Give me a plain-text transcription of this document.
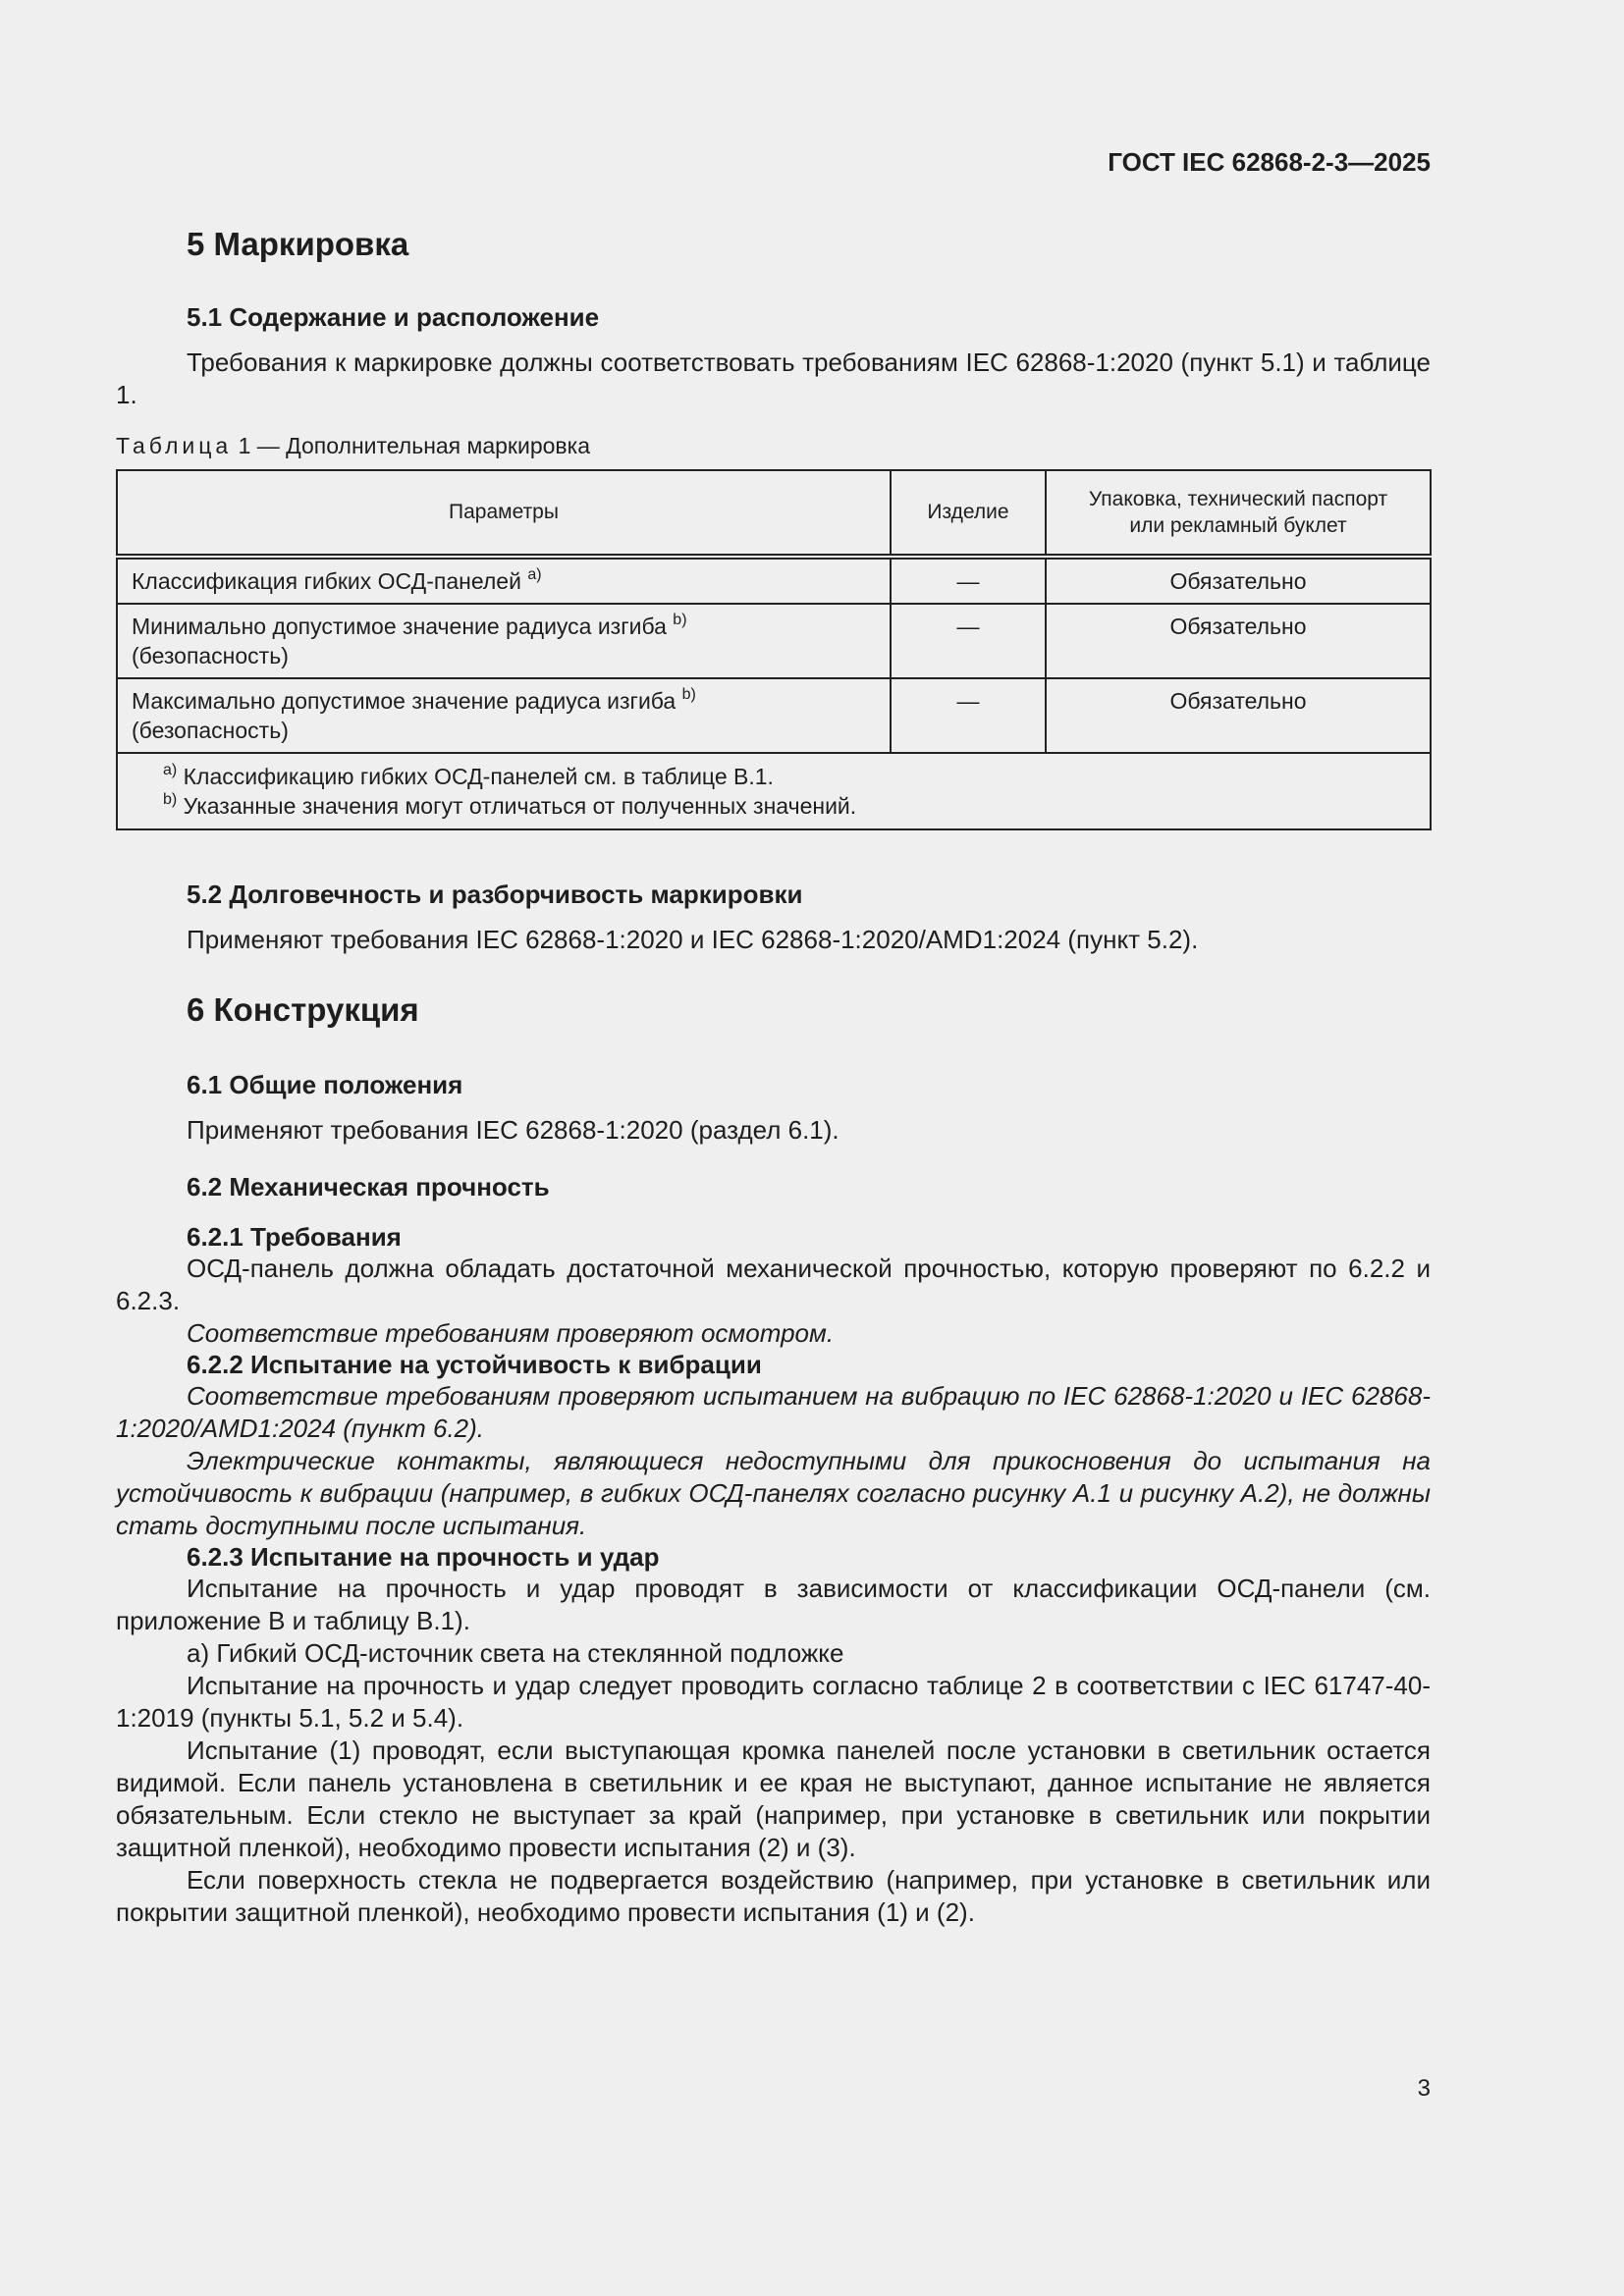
ГОСТ IEC 62868-2-3—2025
5 Маркировка
5.1 Содержание и расположение

Требования к маркировке должны соответствовать требованиям IEC 62868-1:2020 (пункт 5.1) и таблице 1.

Таблица 1 — Дополнительная маркировка
Параметры	Изделие	Упаковка, технический паспорт или рекламный буклет

Классификация гибких ОСД-панелей $^{a)}$	—	Обязательно
Минимально допустимое значение радиуса изгиба $^{b)}$
(безопасность)	—	Обязательно
Максимально допустимое значение радиуса изгиба $^{b)}$
(безопасность)	—	Обязательно

$^{a)}$ Классификацию гибких ОСД-панелей см. в таблице В.1.
$^{b)}$ Указанные значения могут отличаться от полученных значений.		
5.2 Долговечность и разборчивость маркировки

Применяют требования IEC 62868-1:2020 и IEC 62868-1:2020/AMD1:2024 (пункт 5.2).

6 Конструкция
6.1 Общие положения

Применяют требования IEC 62868-1:2020 (раздел 6.1).

6.2 Механическая прочность
6.2.1 Требования

ОСД-панель должна обладать достаточной механической прочностью, которую проверяют по 6.2.2 и 6.2.3.

Соответствие требованиям проверяют осмотром.

6.2.2 Испытание на устойчивость к вибрации

Соответствие требованиям проверяют испытанием на вибрацию по IEC 62868-1:2020 и IEC 62868-1:2020/AMD1:2024 (пункт 6.2).

Электрические контакты, являющиеся недоступными для прикосновения до испытания на устойчивость к вибрации (например, в гибких ОСД-панелях согласно рисунку А.1 и рисунку А.2), не должны стать доступными после испытания.

6.2.3 Испытание на прочность и удар

Испытание на прочность и удар проводят в зависимости от классификации ОСД-панели (см. приложение В и таблицу В.1).

а) Гибкий ОСД-источник света на стеклянной подложке

Испытание на прочность и удар следует проводить согласно таблице 2 в соответствии с IEC 61747-40-1:2019 (пункты 5.1, 5.2 и 5.4).

Испытание (1) проводят, если выступающая кромка панелей после установки в светильник остается видимой. Если панель установлена в светильник и ее края не выступают, данное испытание не является обязательным. Если стекло не выступает за край (например, при установке в светильник или покрытии защитной пленкой), необходимо провести испытания (2) и (3).

Если поверхность стекла не подвергается воздействию (например, при установке в светильник или покрытии защитной пленкой), необходимо провести испытания (1) и (2).

3
